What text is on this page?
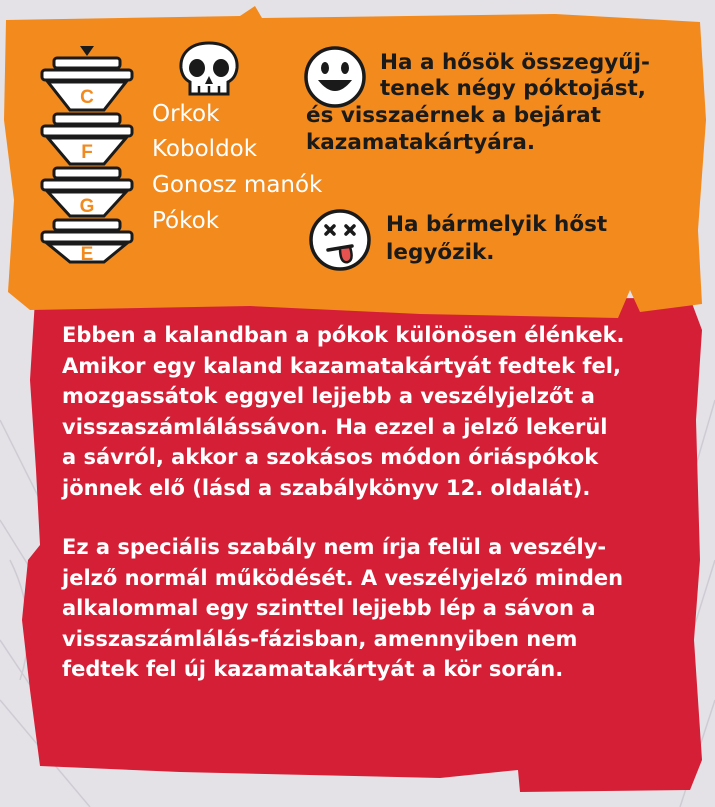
C
F
G
E

Orkok

Koboldok

Gonosz manók

Pókok

Ha a hősök összegyűj-

tenek négy póktojást,

és visszaérnek a bejárat

kazamatakártyára.

Ha bármelyik hőst

legyőzik.

Ebben a kalandban a pókok különösen élénkek.
Amikor egy kaland kazamatakártyát fedtek fel,
mozgassátok eggyel lejjebb a veszélyjelzőt a
visszaszámlálássávon. Ha ezzel a jelző lekerül
a sávról, akkor a szokásos módon óriáspókok
jönnek elő (lásd a szabálykönyv 12. oldalát).

Ez a speciális szabály nem írja felül a veszély-
jelző normál működését. A veszélyjelző minden
alkalommal egy szinttel lejjebb lép a sávon a
visszaszámlálás-fázisban, amennyiben nem
fedtek fel új kazamatakártyát a kör során.
